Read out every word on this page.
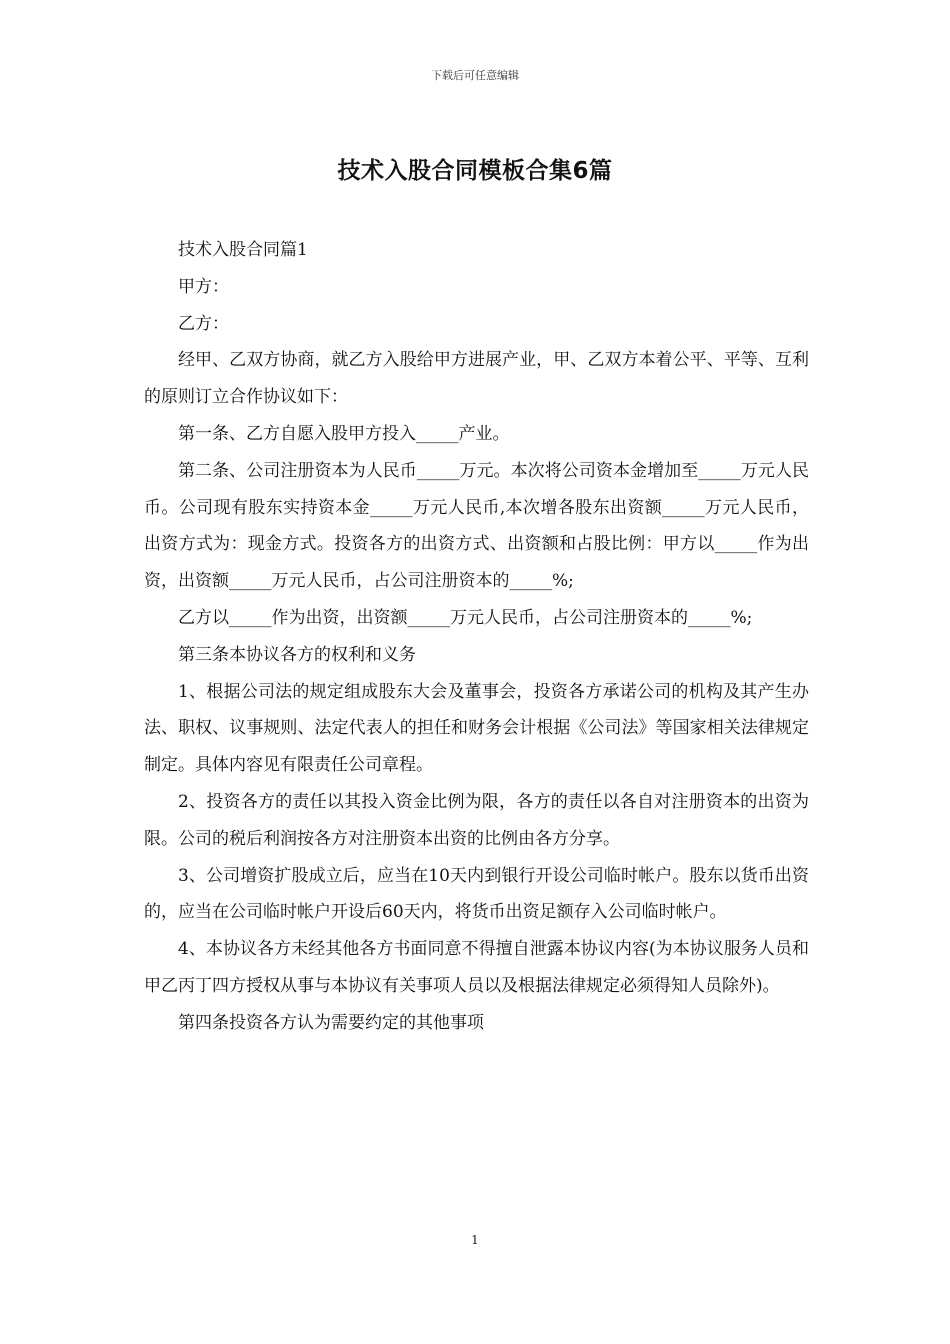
下载后可任意编辑
技术入股合同模板合集6篇

技术入股合同篇1

甲方：

乙方：

经甲、乙双方协商，就乙方入股给甲方进展产业，甲、乙双方本着公平、平等、互利的原则订立合作协议如下：

第一条、乙方自愿入股甲方投入_____产业。

第二条、公司注册资本为人民币_____万元。本次将公司资本金增加至_____万元人民币。公司现有股东实持资本金_____万元人民币,本次增各股东出资额_____万元人民币，出资方式为：现金方式。投资各方的出资方式、出资额和占股比例：甲方以_____作为出资，出资额_____万元人民币，占公司注册资本的_____%;

乙方以_____作为出资，出资额_____万元人民币，占公司注册资本的_____%;

第三条本协议各方的权利和义务

1、根据公司法的规定组成股东大会及董事会，投资各方承诺公司的机构及其产生办法、职权、议事规则、法定代表人的担任和财务会计根据《公司法》等国家相关法律规定制定。具体内容见有限责任公司章程。

2、投资各方的责任以其投入资金比例为限，各方的责任以各自对注册资本的出资为限。公司的税后利润按各方对注册资本出资的比例由各方分享。

3、公司增资扩股成立后，应当在10天内到银行开设公司临时帐户。股东以货币出资的，应当在公司临时帐户开设后60天内，将货币出资足额存入公司临时帐户。

4、本协议各方未经其他各方书面同意不得擅自泄露本协议内容(为本协议服务人员和甲乙丙丁四方授权从事与本协议有关事项人员以及根据法律规定必须得知人员除外)。

第四条投资各方认为需要约定的其他事项

1
